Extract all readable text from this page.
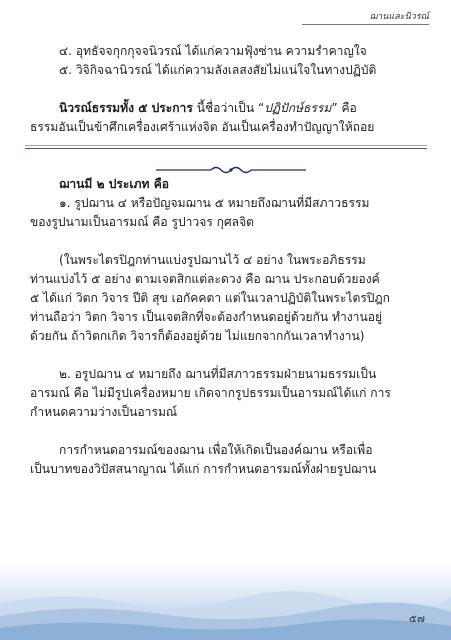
ฌานและนิวรณ์

๔. อุทธัจจกุกกุจจนิวรณ์ ได้แก่ความฟุ้งซ่าน ความรำคาญใจ

๕. วิจิกิจฉานิวรณ์ ได้แก่ความลังเลสงสัยไม่แน่ใจในทางปฏิบัติ

นิวรณ์ธรรมทั้ง ๕ ประการ นี้ชื่อว่าเป็น “ปฏิปักษ์ธรรม” คือ

ธรรมอันเป็นข้าศึกเครื่องเศร้าแห่งจิต อันเป็นเครื่องทำปัญญาให้ถอย

ฌานมี ๒ ประเภท คือ

๑. รูปฌาน ๔ หรือปัญจมฌาน ๕ หมายถึงฌานที่มีสภาวธรรม

ของรูปนามเป็นอารมณ์ คือ รูปาวจร กุศลจิต

(ในพระไตรปิฎกท่านแบ่งรูปฌานไว้ ๔ อย่าง ในพระอภิธรรม

ท่านแบ่งไว้ ๕ อย่าง ตามเจตสิกแต่ละดวง คือ ฌาน ประกอบด้วยองค์

๕ ได้แก่ วิตก วิจาร ปีติ สุข เอกัคคตา แต่ในเวลาปฏิบัติในพระไตรปิฎก

ท่านถือว่า วิตก วิจาร เป็นเจตสิกที่จะต้องกำหนดอยู่ด้วยกัน ทำงานอยู่

ด้วยกัน ถ้าวิตกเกิด วิจารก็ต้องอยู่ด้วย ไม่แยกจากกันเวลาทำงาน)

๒. อรูปฌาน ๔ หมายถึง ฌานที่มีสภาวธรรมฝ่ายนามธรรมเป็น

อารมณ์ คือ ไม่มีรูปเครื่องหมาย เกิดจากรูปธรรมเป็นอารมณ์ได้แก่ การ

กำหนดความว่างเป็นอารมณ์

การกำหนดอารมณ์ของฌาน เพื่อให้เกิดเป็นองค์ฌาน หรือเพื่อ

เป็นบาทของวิปัสสนาญาณ ได้แก่ การกำหนดอารมณ์ทั้งฝ่ายรูปฌาน

๕๗
